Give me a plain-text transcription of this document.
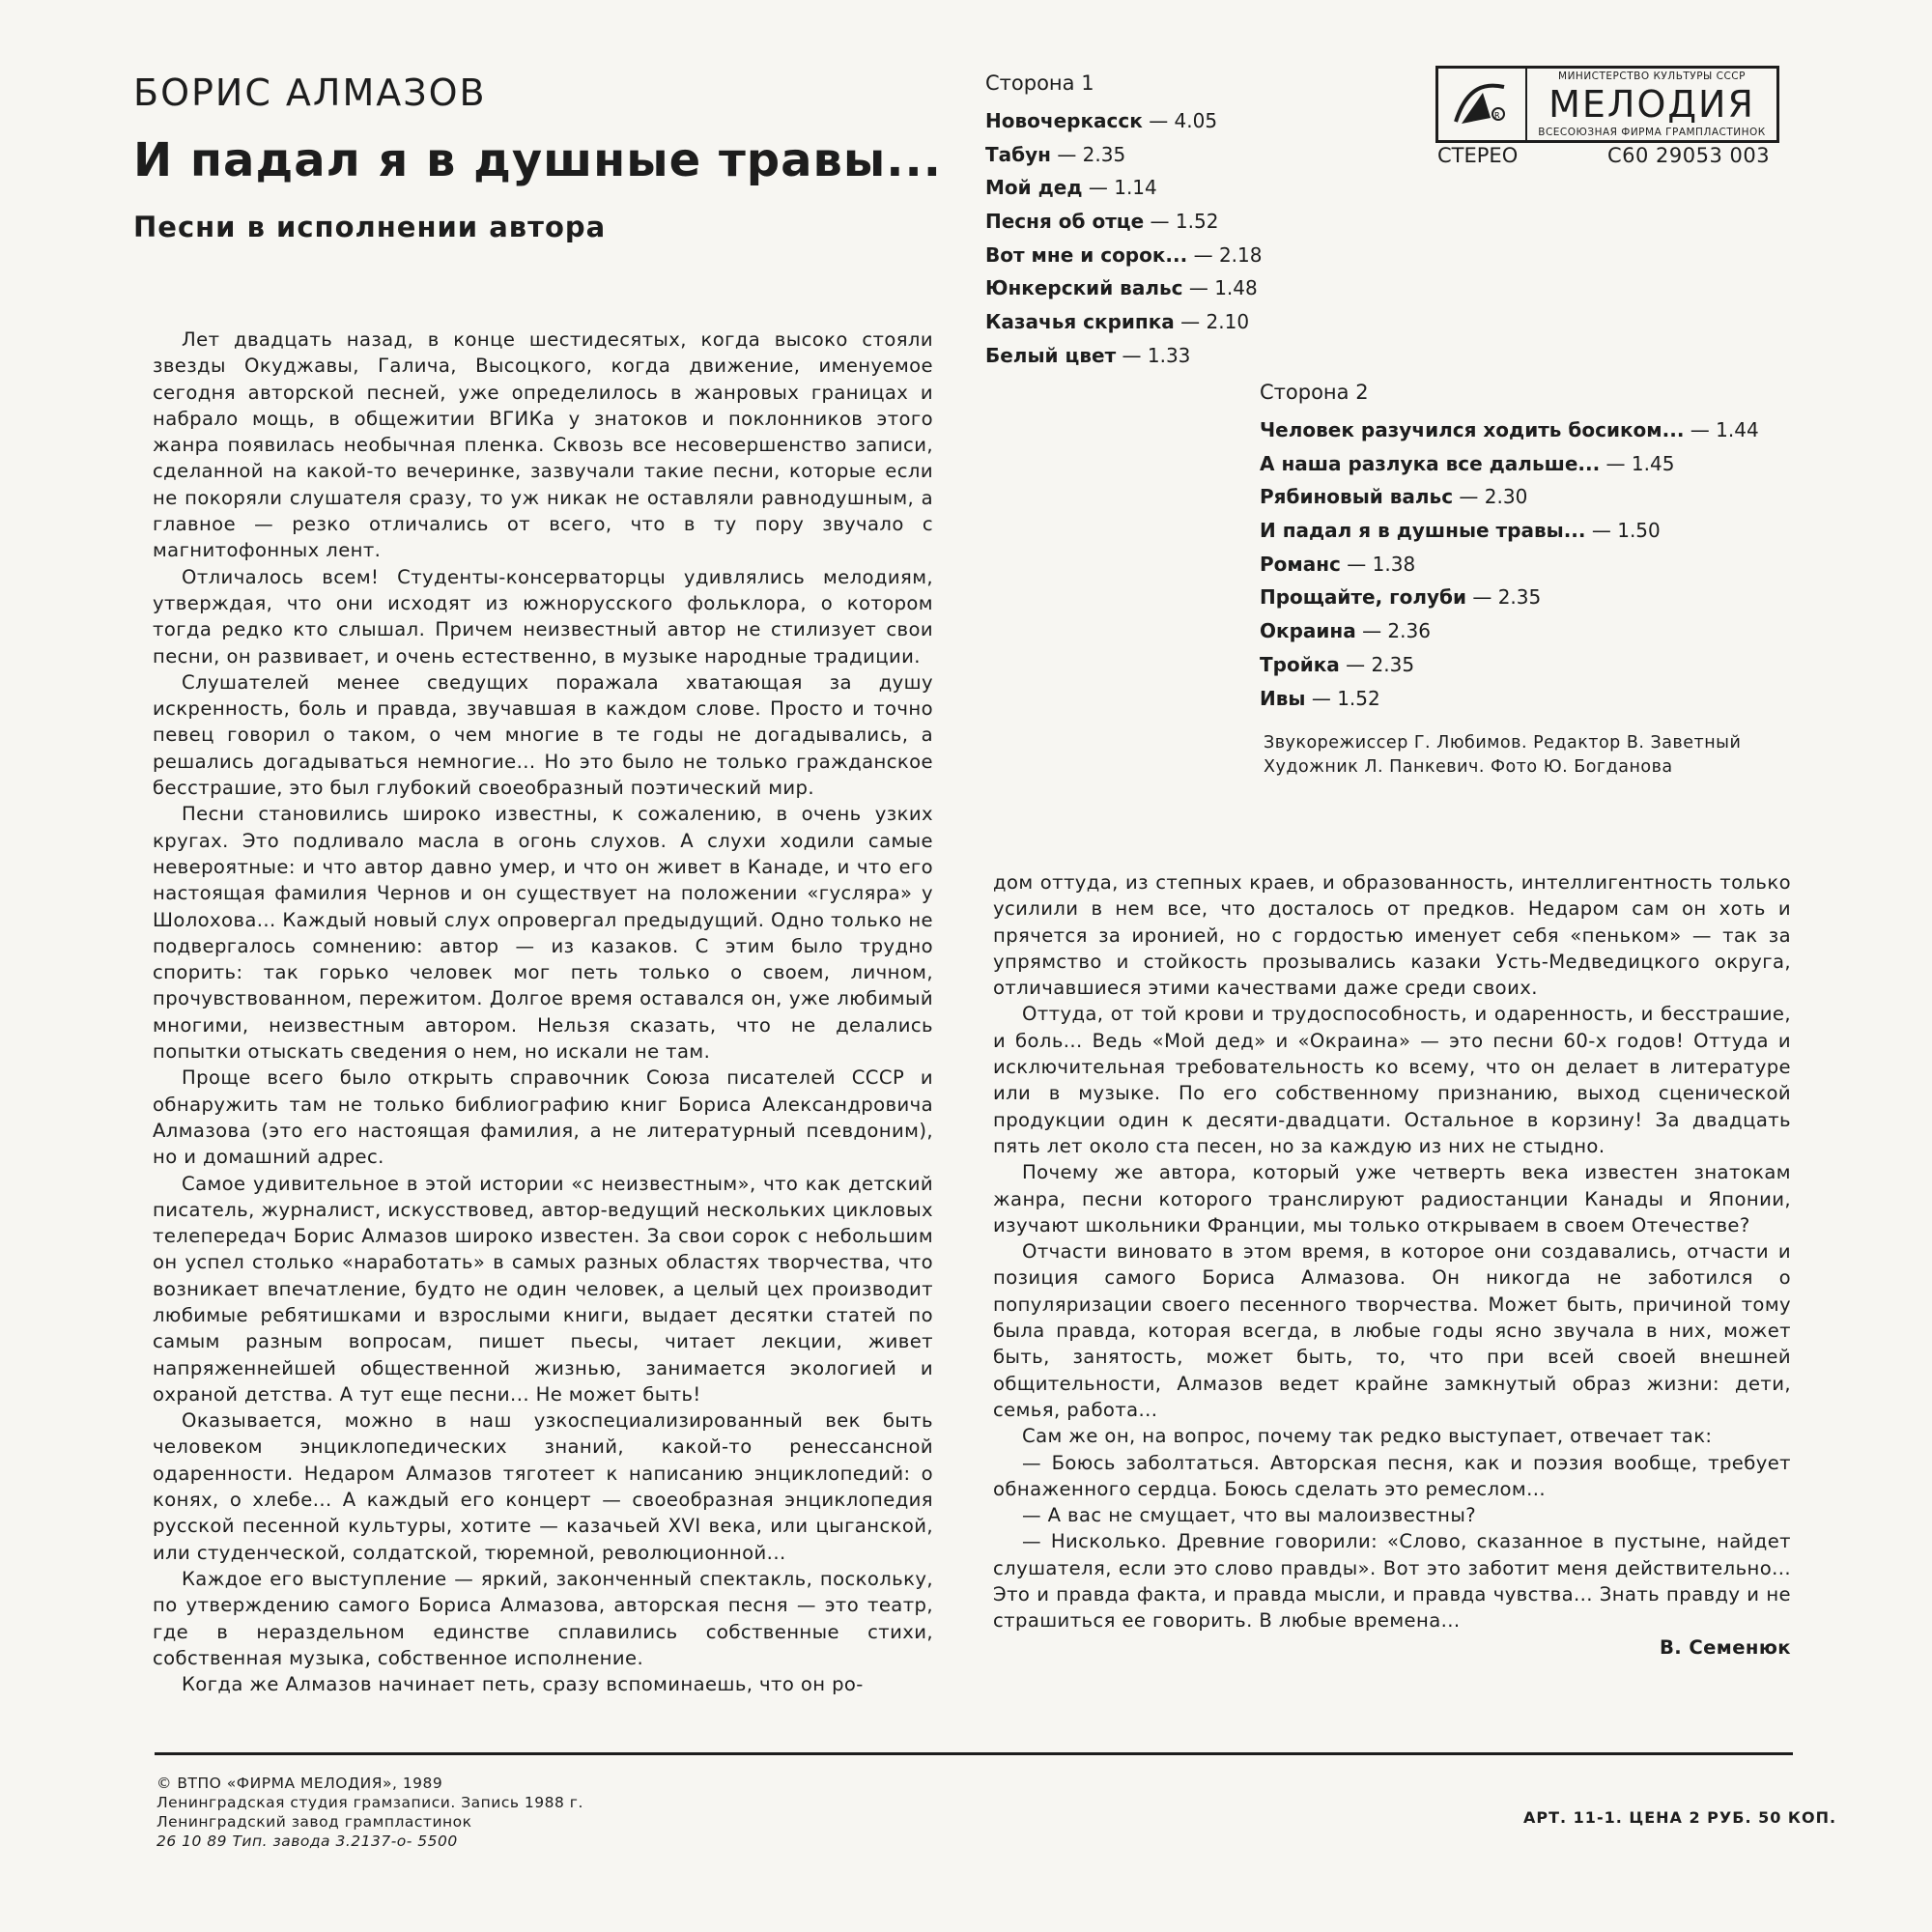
БОРИС АЛМАЗОВ
И падал я в душные травы...
Песни в исполнении автора
Сторона 1
Новочеркасск — 4.05
Табун — 2.35
Мой дед — 1.14
Песня об отце — 1.52
Вот мне и сорок... — 2.18
Юнкерский вальс — 1.48
Казачья скрипка — 2.10
Белый цвет — 1.33
Сторона 2
Человек разучился ходить босиком... — 1.44
А наша разлука все дальше... — 1.45
Рябиновый вальс — 2.30
И падал я в душные травы... — 1.50
Романс — 1.38
Прощайте, голуби — 2.35
Окраина — 2.36
Тройка — 2.35
Ивы — 1.52
Звукорежиссер Г. Любимов. Редактор В. Заветный
Художник Л. Панкевич. Фото Ю. Богданова
R
МИНИСТЕРСТВО КУЛЬТУРЫ СССР
МЕЛОДИЯ
ВСЕСОЮЗНАЯ ФИРМА ГРАМПЛАСТИНОК
СТЕРЕО	С60 29053 003

Лет двадцать назад, в конце шестидесятых, когда высоко стояли звезды Окуджавы, Галича, Высоцкого, когда движение, именуемое сегодня авторской песней, уже определилось в жанровых границах и набрало мощь, в общежитии ВГИКа у знатоков и поклонников этого жанра появилась необычная пленка. Сквозь все несовершенство записи, сделанной на какой-то вечеринке, зазвучали такие песни, которые если не покоряли слушателя сразу, то уж никак не оставляли равнодушным, а главное — резко отличались от всего, что в ту пору звучало с магнитофонных лент.

Отличалось всем! Студенты-консерваторцы удивлялись мелодиям, утверждая, что они исходят из южнорусского фольклора, о котором тогда редко кто слышал. Причем неизвестный автор не стилизует свои песни, он развивает, и очень естественно, в музыке народные традиции.

Слушателей менее сведущих поражала хватающая за душу искренность, боль и правда, звучавшая в каждом слове. Просто и точно певец говорил о таком, о чем многие в те годы не догадывались, а решались догадываться немногие... Но это было не только гражданское бесстрашие, это был глубокий своеобразный поэтический мир.

Песни становились широко известны, к сожалению, в очень узких кругах. Это подливало масла в огонь слухов. А слухи ходили самые невероятные: и что автор давно умер, и что он живет в Канаде, и что его настоящая фамилия Чернов и он существует на положении «гусляра» у Шолохова... Каждый новый слух опровергал предыдущий. Одно только не подвергалось сомнению: автор — из казаков. С этим было трудно спорить: так горько человек мог петь только о своем, личном, прочувствованном, пережитом. Долгое время оставался он, уже любимый многими, неизвестным автором. Нельзя сказать, что не делались попытки отыскать сведения о нем, но искали не там.

Проще всего было открыть справочник Союза писателей СССР и обнаружить там не только библиографию книг Бориса Александровича Алмазова (это его настоящая фамилия, а не литературный псевдоним), но и домашний адрес.

Самое удивительное в этой истории «с неизвестным», что как детский писатель, журналист, искусствовед, автор-ведущий нескольких цикловых телепередач Борис Алмазов широко известен. За свои сорок с небольшим он успел столько «наработать» в самых разных областях творчества, что возникает впечатление, будто не один человек, а целый цех производит любимые ребятишками и взрослыми книги, выдает десятки статей по самым разным вопросам, пишет пьесы, читает лекции, живет напряженнейшей общественной жизнью, занимается экологией и охраной детства. А тут еще песни... Не может быть!

Оказывается, можно в наш узкоспециализированный век быть человеком энциклопедических знаний, какой-то ренессансной одаренности. Недаром Алмазов тяготеет к написанию энциклопедий: о конях, о хлебе... А каждый его концерт — своеобразная энциклопедия русской песенной культуры, хотите — казачьей XVI века, или цыганской, или студенческой, солдатской, тюремной, революционной...

Каждое его выступление — яркий, законченный спектакль, поскольку, по утверждению самого Бориса Алмазова, авторская песня — это театр, где в нераздельном единстве сплавились собственные стихи, собственная музыка, собственное исполнение.

Когда же Алмазов начинает петь, сразу вспоминаешь, что он ро-

дом оттуда, из степных краев, и образованность, интеллигентность только усилили в нем все, что досталось от предков. Недаром сам он хоть и прячется за иронией, но с гордостью именует себя «пеньком» — так за упрямство и стойкость прозывались казаки Усть-Медведицкого округа, отличавшиеся этими качествами даже среди своих.

Оттуда, от той крови и трудоспособность, и одаренность, и бесстрашие, и боль... Ведь «Мой дед» и «Окраина» — это песни 60-х годов! Оттуда и исключительная требовательность ко всему, что он делает в литературе или в музыке. По его собственному признанию, выход сценической продукции один к десяти-двадцати. Остальное в корзину! За двадцать пять лет около ста песен, но за каждую из них не стыдно.

Почему же автора, который уже четверть века известен знатокам жанра, песни которого транслируют радиостанции Канады и Японии, изучают школьники Франции, мы только открываем в своем Отечестве?

Отчасти виновато в этом время, в которое они создавались, отчасти и позиция самого Бориса Алмазова. Он никогда не заботился о популяризации своего песенного творчества. Может быть, причиной тому была правда, которая всегда, в любые годы ясно звучала в них, может быть, занятость, может быть, то, что при всей своей внешней общительности, Алмазов ведет крайне замкнутый образ жизни: дети, семья, работа...

Сам же он, на вопрос, почему так редко выступает, отвечает так:

— Боюсь заболтаться. Авторская песня, как и поэзия вообще, требует обнаженного сердца. Боюсь сделать это ремеслом...

— А вас не смущает, что вы малоизвестны?

— Нисколько. Древние говорили: «Слово, сказанное в пустыне, найдет слушателя, если это слово правды». Вот это заботит меня действительно... Это и правда факта, и правда мысли, и правда чувства... Знать правду и не страшиться ее говорить. В любые времена...

В. Семенюк

© ВТПО «ФИРМА МЕЛОДИЯ», 1989
Ленинградская студия грамзаписи. Запись 1988 г.
Ленинградский завод грампластинок
26 10 89 Тип. завода 3.2137-о- 5500
АРТ. 11-1. ЦЕНА 2 РУБ. 50 КОП.
